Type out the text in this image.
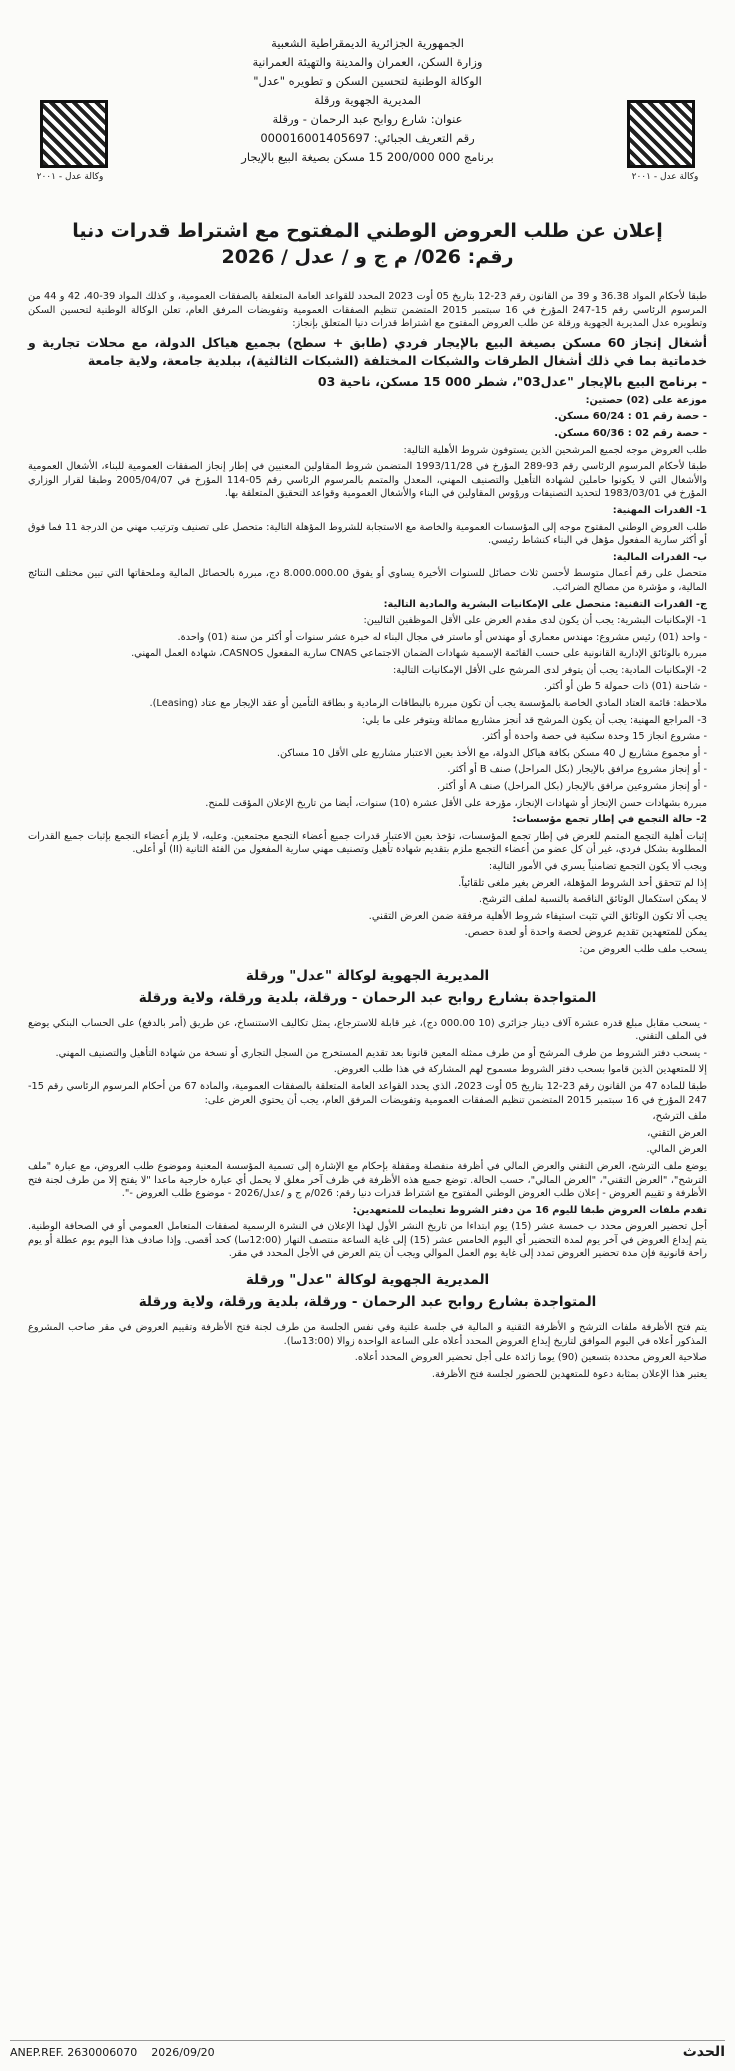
وكالة عدل - ٢٠٠١
وكالة عدل - ٢٠٠١
الجمهورية الجزائرية الديمقراطية الشعبية
وزارة السكن، العمران والمدينة والتهيئة العمرانية
الوكالة الوطنية لتحسين السكن و تطويره "عدل"
المديرية الجهوية ورقلة
عنوان: شارع روابح عبد الرحمان - ورقلة
رقم التعريف الجبائي: 000016001405697
برنامج 000 200/000 15 مسكن بصيغة البيع بالإيجار
إعلان عن طلب العروض الوطني المفتوح مع اشتراط قدرات دنيا
رقم: 026/ م ج و / عدل / 2026

طبقا لأحكام المواد 36.38 و 39 من القانون رقم 23-12 بتاريخ 05 أوت 2023 المحدد للقواعد العامة المتعلقة بالصفقات العمومية، و كذلك المواد 39-40، 42 و 44 من المرسوم الرئاسي رقم 15-247 المؤرخ في 16 سبتمبر 2015 المتضمن تنظيم الصفقات العمومية وتفويضات المرفق العام، تعلن الوكالة الوطنية لتحسين السكن وتطويره عدل المديرية الجهوية ورقلة عن طلب العروض المفتوح مع اشتراط قدرات دنيا المتعلق بإنجاز:

أشغال إنجاز 60 مسكن بصيغة البيع بالإيجار فردي (طابق + سطح) بجميع هياكل الدولة، مع محلات تجارية و خدماتية بما في ذلك أشغال الطرقات والشبكات المختلفة (الشبكات الثالثية)، ببلدية جامعة، ولاية جامعة

- برنامج البيع بالإيجار "عدل03"، شطر 000 15 مسكن، ناحية 03

موزعة على (02) حصتين:

- حصة رقم 01 : 60/24 مسكن.

- حصة رقم 02 : 60/36 مسكن.

طلب العروض موجه لجميع المرشحين الذين يستوفون شروط الأهلية التالية:

طبقا لأحكام المرسوم الرئاسي رقم 93-289 المؤرخ في 1993/11/28 المتضمن شروط المقاولين المعنيين في إطار إنجاز الصفقات العمومية للبناء، الأشغال العمومية والأشغال التي لا يكونوا حاملين لشهادة التأهيل والتصنيف المهني، المعدل والمتمم بالمرسوم الرئاسي رقم 05-114 المؤرخ في 2005/04/07 وطبقا لقرار الوزاري المؤرخ في 1983/03/01 لتحديد التصنيفات ورؤوس المقاولين في البناء والأشغال العمومية وقواعد التحقيق المتعلقة بها.

1- القدرات المهنية:

طلب العروض الوطني المفتوح موجه إلى المؤسسات العمومية والخاصة مع الاستجابة للشروط المؤهلة التالية: متحصل على تصنيف وترتيب مهني من الدرجة 11 فما فوق أو أكثر سارية المفعول مؤهل في البناء كنشاط رئيسي.

ب- القدرات المالية:

متحصل على رقم أعمال متوسط لأحسن ثلاث حصائل للسنوات الأخيرة يساوي أو يفوق 8.000.000.00 دج، مبررة بالحصائل المالية وملحقاتها التي تبين مختلف النتائج المالية، و مؤشرة من مصالح الضرائب.

ج- القدرات التقنية: متحصل على الإمكانيات البشرية والمادية التالية:

1- الإمكانيات البشرية: يجب أن يكون لدى مقدم العرض على الأقل الموظفين التاليين:

- واحد (01) رئيس مشروع: مهندس معماري أو مهندس أو ماستر في مجال البناء له خبرة عشر سنوات أو أكثر من سنة (01) واحدة.

مبررة بالوثائق الإدارية القانونية على حسب القائمة الإسمية شهادات الضمان الاجتماعي CNAS سارية المفعول CASNOS، شهادة العمل المهني.

2- الإمكانيات المادية: يجب أن يتوفر لدى المرشح على الأقل الإمكانيات التالية:

- شاحنة (01) ذات حمولة 5 طن أو أكثر.

ملاحظة: قائمة العتاد المادي الخاصة بالمؤسسة يجب أن تكون مبررة بالبطاقات الرمادية و بطاقة التأمين أو عقد الإيجار مع عتاد (Leasing).

3- المراجع المهنية: يجب أن يكون المرشح قد أنجز مشاريع مماثلة ويتوفر على ما يلي:

- مشروع انجاز 15 وحدة سكنية في حصة واحدة أو أكثر.

- أو مجموع مشاريع ل 40 مسكن بكافة هياكل الدولة، مع الأخذ بعين الاعتبار مشاريع على الأقل 10 مساكن.

- أو إنجاز مشروع مرافق بالإيجار (بكل المراحل) صنف B أو أكثر.

- أو إنجاز مشروعين مرافق بالإيجار (بكل المراحل) صنف A أو أكثر.

مبررة بشهادات حسن الإنجاز أو شهادات الإنجاز، مؤرخة على الأقل عشرة (10) سنوات، أيضا من تاريخ الإعلان المؤقت للمنح.

2- حالة التجمع في إطار تجمع مؤسسات:

إثبات أهلية التجمع المتمم للعرض في إطار تجمع المؤسسات، تؤخذ بعين الاعتبار قدرات جميع أعضاء التجمع مجتمعين. وعليه، لا يلزم أعضاء التجمع بإثبات جميع القدرات المطلوبة بشكل فردي، غير أن كل عضو من أعضاء التجمع ملزم بتقديم شهادة تأهيل وتصنيف مهني سارية المفعول من الفئة الثانية (II) أو أعلى.

ويجب ألا يكون التجمع تضامنياً يسري في الأمور التالية:

إذا لم تتحقق أحد الشروط المؤهلة، العرض بغير ملغى تلقائياً.

لا يمكن استكمال الوثائق الناقصة بالنسبة لملف الترشح.

يجب ألا تكون الوثائق التي تثبت استيفاء شروط الأهلية مرفقة ضمن العرض التقني.

يمكن للمتعهدين تقديم عروض لحصة واحدة أو لعدة حصص.

يسحب ملف طلب العروض من:

المديرية الجهوية لوكالة "عدل" ورقلة
المتواجدة بشارع روابح عبد الرحمان - ورقلة، بلدية ورقلة، ولاية ورقلة

- يسحب مقابل مبلغ قدره عشرة آلاف دينار جزائري (10 000.00 دج)، غير قابلة للاسترجاع، يمثل تكاليف الاستنساخ، عن طريق (أمر بالدفع) على الحساب البنكي يوضع في الملف التقني.

- يسحب دفتر الشروط من طرف المرشح أو من طرف ممثله المعين قانونا بعد تقديم المستخرج من السجل التجاري أو نسخة من شهادة التأهيل والتصنيف المهني.

إلا للمتعهدين الذين قاموا بسحب دفتر الشروط مسموح لهم المشاركة في هذا طلب العروض.

طبقا للمادة 47 من القانون رقم 23-12 بتاريخ 05 أوت 2023، الذي يحدد القواعد العامة المتعلقة بالصفقات العمومية، والمادة 67 من أحكام المرسوم الرئاسي رقم 15-247 المؤرخ في 16 سبتمبر 2015 المتضمن تنظيم الصفقات العمومية وتفويضات المرفق العام، يجب أن يحتوي العرض على:

ملف الترشح،

العرض التقني،

العرض المالي.

يوضع ملف الترشح، العرض التقني والعرض المالي في أظرفة منفصلة ومقفلة بإحكام مع الإشارة إلى تسمية المؤسسة المعنية وموضوع طلب العروض، مع عبارة "ملف الترشح"، "العرض التقني"، "العرض المالي"، حسب الحالة. توضع جميع هذه الأظرفة في ظرف آخر مغلق لا يحمل أي عبارة خارجية ماعدا "لا يفتح إلا من طرف لجنة فتح الأظرفة و تقييم العروض - إعلان طلب العروض الوطني المفتوح مع اشتراط قدرات دنيا رقم: 026/م ج و /عدل/2026 - موضوع طلب العروض -".

تقدم ملفات العروض طبقا لليوم 16 من دفتر الشروط تعليمات للمتعهدين:

أجل تحضير العروض محدد ب خمسة عشر (15) يوم ابتداءا من تاريخ النشر الأول لهذا الإعلان في النشرة الرسمية لصفقات المتعامل العمومي أو في الصحافة الوطنية. يتم إيداع العروض في آخر يوم لمدة التحضير أي اليوم الخامس عشر (15) إلى غاية الساعة منتصف النهار (12:00سا) كحد أقصى. وإذا صادف هذا اليوم يوم عطلة أو يوم راحة قانونية فإن مدة تحضير العروض تمدد إلى غاية يوم العمل الموالي ويجب أن يتم العرض في الأجل المحدد في مقر.

المديرية الجهوية لوكالة "عدل" ورقلة
المتواجدة بشارع روابح عبد الرحمان - ورقلة، بلدية ورقلة، ولاية ورقلة

يتم فتح الأظرفة ملفات الترشح و الأظرفة التقنية و المالية في جلسة علنية وفي نفس الجلسة من طرف لجنة فتح الأظرفة وتقييم العروض في مقر صاحب المشروع المذكور أعلاه في اليوم الموافق لتاريخ إيداع العروض المحدد أعلاه على الساعة الواحدة زوالا (13:00سا).

صلاحية العروض محددة بتسعين (90) يوما زائدة على أجل تحضير العروض المحدد أعلاه.

يعتبر هذا الإعلان بمثابة دعوة للمتعهدين للحضور لجلسة فتح الأظرفة.

ANEP.REF. 2630006070 2026/09/20	الحدث
